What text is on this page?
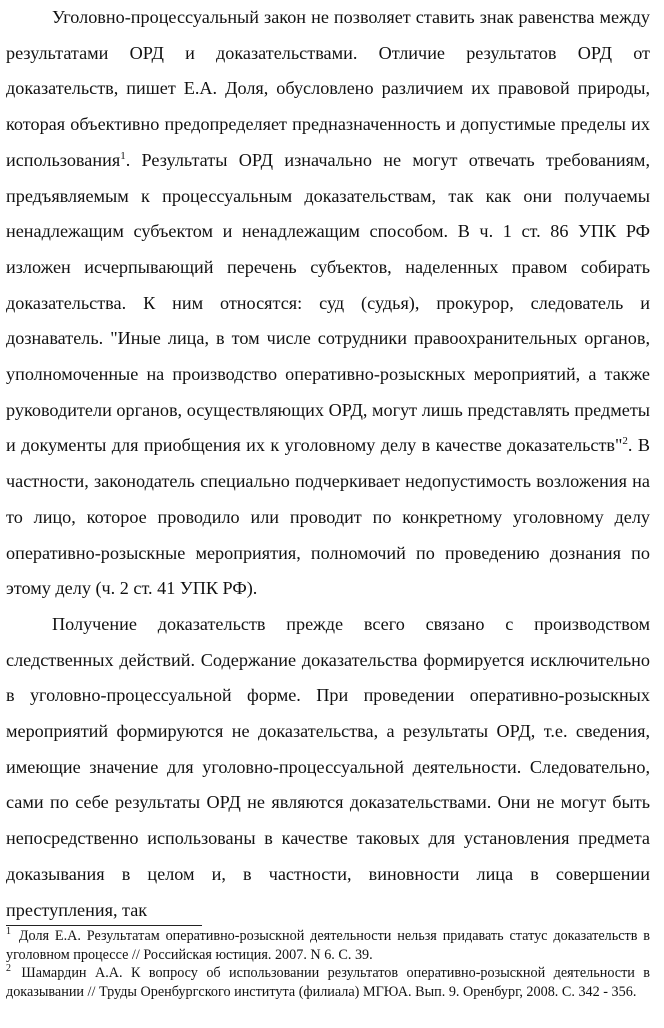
Уголовно-процессуальный закон не позволяет ставить знак равенства между результатами ОРД и доказательствами. Отличие результатов ОРД от доказательств, пишет Е.А. Доля, обусловлено различием их правовой природы, которая объективно предопределяет предназначенность и допустимые пределы их использования$^1$. Результаты ОРД изначально не могут отвечать требованиям, предъявляемым к процессуальным доказательствам, так как они получаемы ненадлежащим субъектом и ненадлежащим способом. В ч. 1 ст. 86 УПК РФ изложен исчерпывающий перечень субъектов, наделенных правом собирать доказательства. К ним относятся: суд (судья), прокурор, следователь и дознаватель. "Иные лица, в том числе сотрудники правоохранительных органов, уполномоченные на производство оперативно-розыскных мероприятий, а также руководители органов, осуществляющих ОРД, могут лишь представлять предметы и документы для приобщения их к уголовному делу в качестве доказательств"$^2$. В частности, законодатель специально подчеркивает недопустимость возложения на то лицо, которое проводило или проводит по конкретному уголовному делу оперативно-розыскные мероприятия, полномочий по проведению дознания по этому делу (ч. 2 ст. 41 УПК РФ).

Получение доказательств прежде всего связано с производством следственных действий. Содержание доказательства формируется исключительно в уголовно-процессуальной форме. При проведении оперативно-розыскных мероприятий формируются не доказательства, а результаты ОРД, т.е. сведения, имеющие значение для уголовно-процессуальной деятельности. Следовательно, сами по себе результаты ОРД не являются доказательствами. Они не могут быть непосредственно использованы в качестве таковых для установления предмета доказывания в целом и, в частности, виновности лица в совершении преступления, так

$^1$ Доля Е.А. Результатам оперативно-розыскной деятельности нельзя придавать статус доказательств в уголовном процессе // Российская юстиция. 2007. N 6. С. 39.

$^2$ Шамардин А.А. К вопросу об использовании результатов оперативно-розыскной деятельности в доказывании // Труды Оренбургского института (филиала) МГЮА. Вып. 9. Оренбург, 2008. С. 342 - 356.
